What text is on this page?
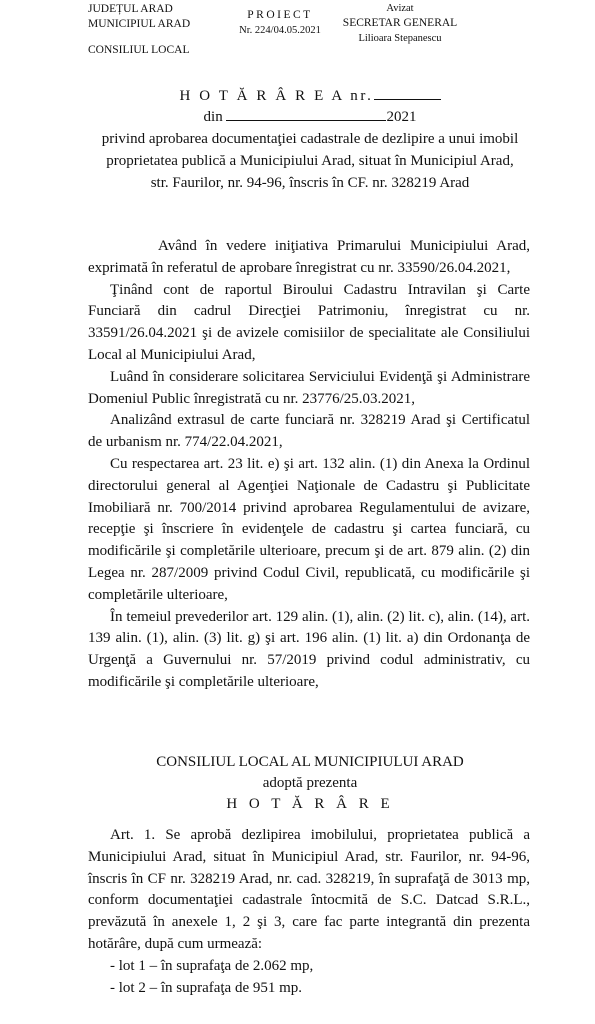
JUDEȚUL ARAD
MUNICIPIUL ARAD
CONSILIUL LOCAL
PROIECT
Nr. 224/04.05.2021
Avizat
SECRETAR GENERAL
Lilioara Stepanescu
H O T Ă R Â R E A nr.
din	2021
privind aprobarea documentaţiei cadastrale de dezlipire a unui imobil
proprietatea publică a Municipiului Arad, situat în Municipiul Arad,
str. Faurilor, nr. 94-96, înscris în CF. nr. 328219 Arad

Având în vedere iniţiativa Primarului Municipiului Arad, exprimată în referatul de aprobare înregistrat cu nr. 33590/26.04.2021,

Ţinând cont de raportul Biroului Cadastru Intravilan şi Carte Funciară din cadrul Direcţiei Patrimoniu, înregistrat cu nr. 33591/26.04.2021 şi de avizele comisiilor de specialitate ale Consiliului Local al Municipiului Arad,

Luând în considerare solicitarea Serviciului Evidenţă şi Administrare Domeniul Public înregistrată cu nr. 23776/25.03.2021,

Analizând extrasul de carte funciară nr. 328219 Arad şi Certificatul de urbanism nr. 774/22.04.2021,

Cu respectarea art. 23 lit. e) şi art. 132 alin. (1) din Anexa la Ordinul directorului general al Agenţiei Naţionale de Cadastru şi Publicitate Imobiliară nr. 700/2014 privind aprobarea Regulamentului de avizare, recepţie şi înscriere în evidenţele de cadastru şi cartea funciară, cu modificările şi completările ulterioare, precum şi de art. 879 alin. (2) din Legea nr. 287/2009 privind Codul Civil, republicată, cu modificările şi completările ulterioare,

În temeiul prevederilor art. 129 alin. (1), alin. (2) lit. c), alin. (14), art. 139 alin. (1), alin. (3) lit. g) şi art. 196 alin. (1) lit. a) din Ordonanţa de Urgenţă a Guvernului nr. 57/2019 privind codul administrativ, cu modificările şi completările ulterioare,

CONSILIUL LOCAL AL MUNICIPIULUI ARAD
adoptă prezenta
H O T Ă R Â R E

Art. 1. Se aprobă dezlipirea imobilului, proprietatea publică a Municipiului Arad, situat în Municipiul Arad, str. Faurilor, nr. 94-96, înscris în CF nr. 328219 Arad, nr. cad. 328219, în suprafaţă de 3013 mp, conform documentaţiei cadastrale întocmită de S.C. Datcad S.R.L., prevăzută în anexele 1, 2 şi 3, care fac parte integrantă din prezenta hotărâre, după cum urmează:

- lot 1 – în suprafaţa de 2.062 mp,
- lot 2 – în suprafaţa de 951 mp.
